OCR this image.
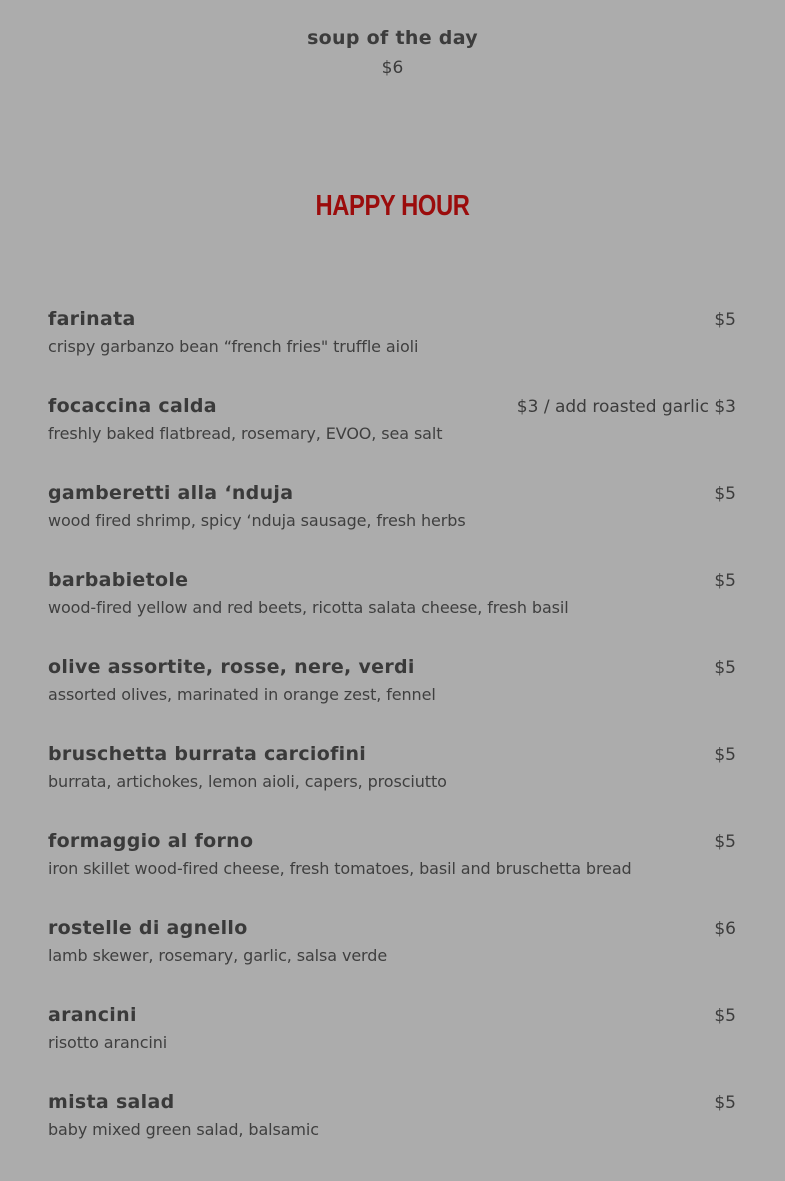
soup of the day
$6
HAPPY HOUR
farinata	$5
crispy garbanzo bean “french fries" truffle aioli
focaccina calda	$3 / add roasted garlic $3
freshly baked flatbread, rosemary, EVOO, sea salt
gamberetti alla ‘nduja	$5
wood fired shrimp, spicy ‘nduja sausage, fresh herbs
barbabietole	$5
wood-fired yellow and red beets, ricotta salata cheese, fresh basil
olive assortite, rosse, nere, verdi	$5
assorted olives, marinated in orange zest, fennel
bruschetta burrata carciofini	$5
burrata, artichokes, lemon aioli, capers, prosciutto
formaggio al forno	$5
iron skillet wood-fired cheese, fresh tomatoes, basil and bruschetta bread
rostelle di agnello	$6
lamb skewer, rosemary, garlic, salsa verde
arancini	$5
risotto arancini
mista salad	$5
baby mixed green salad, balsamic
